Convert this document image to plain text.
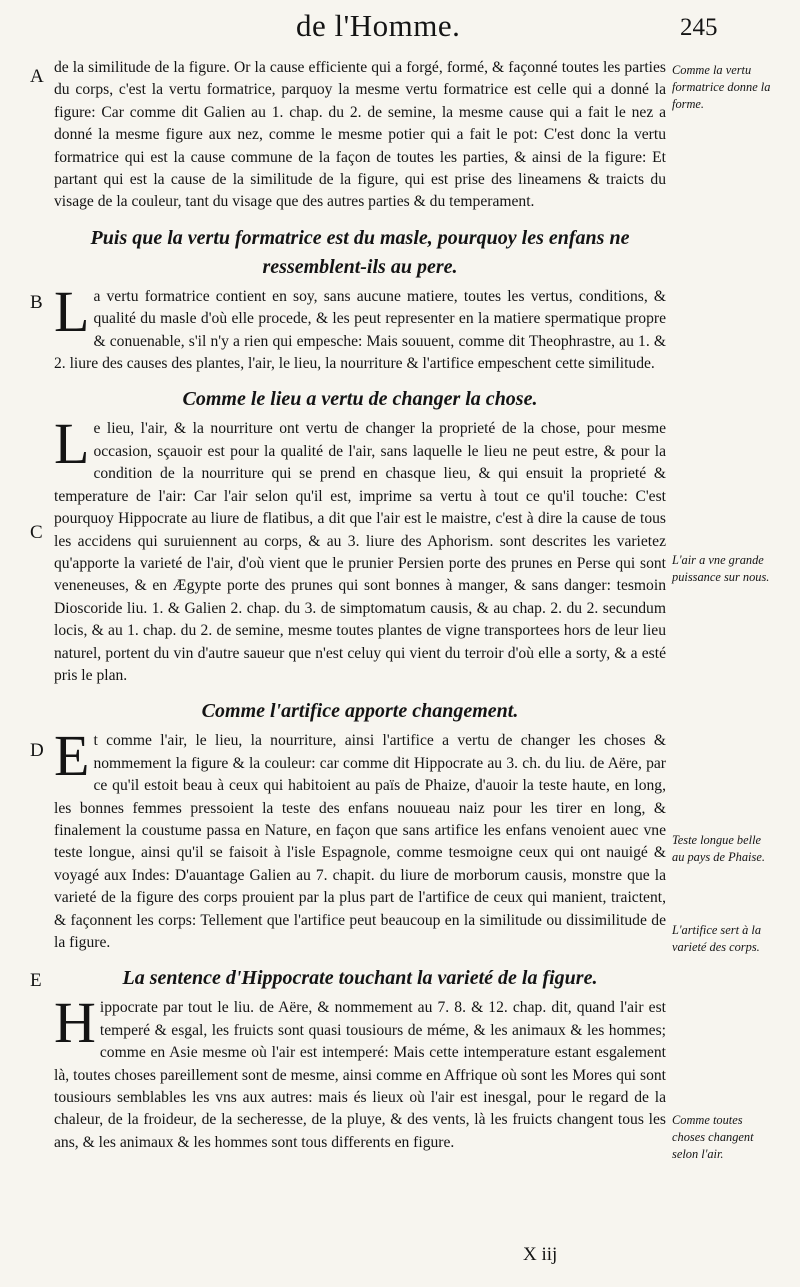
de l'Homme.	245
A
B
C
D
E

de la similitude de la figure. Or la cause efficiente qui a forgé, formé, & façonné toutes les parties du corps, c'est la vertu formatrice, parquoy la mesme vertu formatrice est celle qui a donné la figure: Car comme dit Galien au 1. chap. du 2. de semine, la mesme cause qui a fait le nez a donné la mesme figure aux nez, comme le mesme potier qui a fait le pot: C'est donc la vertu formatrice qui est la cause commune de la façon de toutes les parties, & ainsi de la figure: Et partant qui est la cause de la similitude de la figure, qui est prise des lineamens & traicts du visage de la couleur, tant du visage que des autres parties & du temperament.

Puis que la vertu formatrice est du masle, pourquoy les enfans ne ressemblent-ils au pere.

La vertu formatrice contient en soy, sans aucune matiere, toutes les vertus, conditions, & qualité du masle d'où elle procede, & les peut representer en la matiere spermatique propre & conuenable, s'il n'y a rien qui empesche: Mais souuent, comme dit Theophrastre, au 1. & 2. liure des causes des plantes, l'air, le lieu, la nourriture & l'artifice empeschent cette similitude.

Comme le lieu a vertu de changer la chose.

Le lieu, l'air, & la nourriture ont vertu de changer la proprieté de la chose, pour mesme occasion, sçauoir est pour la qualité de l'air, sans laquelle le lieu ne peut estre, & pour la condition de la nourriture qui se prend en chasque lieu, & qui ensuit la proprieté & temperature de l'air: Car l'air selon qu'il est, imprime sa vertu à tout ce qu'il touche: C'est pourquoy Hippocrate au liure de flatibus, a dit que l'air est le maistre, c'est à dire la cause de tous les accidens qui suruiennent au corps, & au 3. liure des Aphorism. sont descrites les varietez qu'apporte la varieté de l'air, d'où vient que le prunier Persien porte des prunes en Perse qui sont veneneuses, & en Ægypte porte des prunes qui sont bonnes à manger, & sans danger: tesmoin Dioscoride liu. 1. & Galien 2. chap. du 3. de simptomatum causis, & au chap. 2. du 2. secundum locis, & au 1. chap. du 2. de semine, mesme toutes plantes de vigne transportees hors de leur lieu naturel, portent du vin d'autre saueur que n'est celuy qui vient du terroir d'où elle a sorty, & a esté pris le plan.

Comme l'artifice apporte changement.

Et comme l'air, le lieu, la nourriture, ainsi l'artifice a vertu de changer les choses & nommement la figure & la couleur: car comme dit Hippocrate au 3. ch. du liu. de Aëre, par ce qu'il estoit beau à ceux qui habitoient au païs de Phaize, d'auoir la teste haute, en long, les bonnes femmes pressoient la teste des enfans nouueau naiz pour les tirer en long, & finalement la coustume passa en Nature, en façon que sans artifice les enfans venoient auec vne teste longue, ainsi qu'il se faisoit à l'isle Espagnole, comme tesmoigne ceux qui ont nauigé & voyagé aux Indes: D'auantage Galien au 7. chapit. du liure de morborum causis, monstre que la varieté de la figure des corps prouient par la plus part de l'artifice de ceux qui manient, traictent, & façonnent les corps: Tellement que l'artifice peut beaucoup en la similitude ou dissimilitude de la figure.

La sentence d'Hippocrate touchant la varieté de la figure.

Hippocrate par tout le liu. de Aëre, & nommement au 7. 8. & 12. chap. dit, quand l'air est temperé & esgal, les fruicts sont quasi tousiours de méme, & les animaux & les hommes; comme en Asie mesme où l'air est intemperé: Mais cette intemperature estant esgalement là, toutes choses pareillement sont de mesme, ainsi comme en Affrique où sont les Mores qui sont tousiours semblables les vns aux autres: mais és lieux où l'air est inesgal, pour le regard de la chaleur, de la froideur, de la secheresse, de la pluye, & des vents, là les fruicts changent tous les ans, & les animaux & les hommes sont tous differents en figure.

Comme la vertu formatrice donne la forme.
L'air a vne grande puissance sur nous.
Teste longue belle au pays de Phaise.
L'artifice sert à la varieté des corps.
Comme toutes choses changent selon l'air.
X iij
